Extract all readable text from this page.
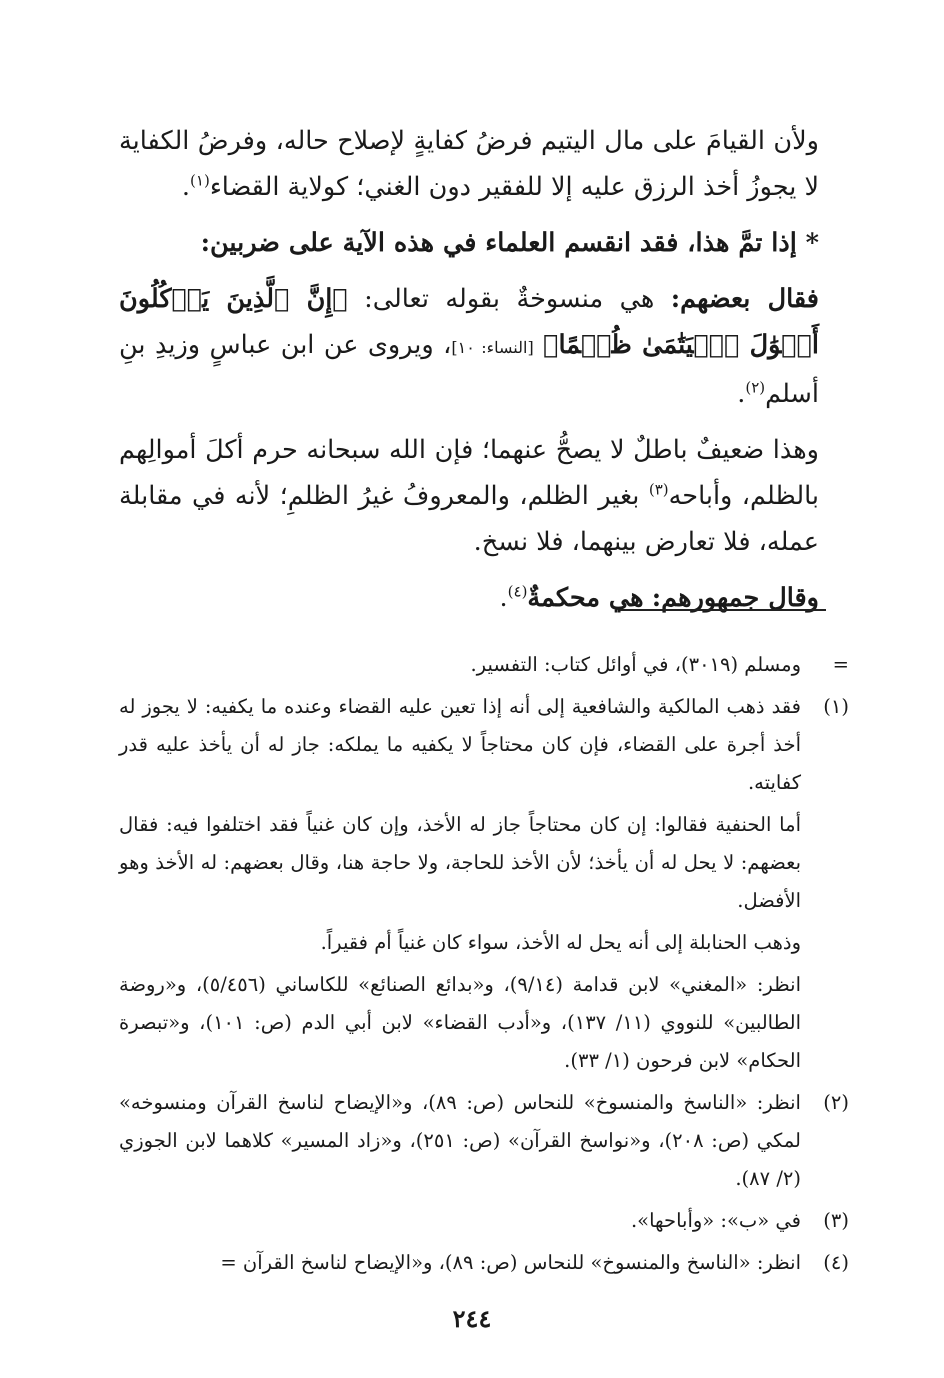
ولأن القيامَ على مال اليتيم فرضُ كفايةٍ لإصلاح حاله، وفرضُ الكفاية لا يجوزُ أخذ الرزق عليه إلا للفقير دون الغني؛ كولاية القضاء$^{(١)}$.

* إذا تمَّ هذا، فقد انقسم العلماء في هذه الآية على ضربين:

فقال بعضهم: هي منسوخةٌ بقوله تعالى: ﴿إِنَّ ٱلَّذِينَ يَأۡكُلُونَ أَمۡوَٰلَ ٱلۡيَتَٰمَىٰ ظُلۡمًا﴾ [النساء: ١٠]، ويروى عن ابن عباسٍ وزيدِ بنِ أسلم$^{(٢)}$.

وهذا ضعيفٌ باطلٌ لا يصحُّ عنهما؛ فإن الله سبحانه حرم أكلَ أموالِهم بالظلم، وأباحه$^{(٣)}$ بغير الظلم، والمعروفُ غيرُ الظلمِ؛ لأنه في مقابلة عمله، فلا تعارض بينهما، فلا نسخ.

وقال جمهورهم: هي محكمةٌ$^{(٤)}$.

=

ومسلم (٣٠١٩)، في أوائل كتاب: التفسير.

(١)

فقد ذهب المالكية والشافعية إلى أنه إذا تعين عليه القضاء وعنده ما يكفيه: لا يجوز له أخذ أجرة على القضاء، فإن كان محتاجاً لا يكفيه ما يملكه: جاز له أن يأخذ عليه قدر كفايته.

أما الحنفية فقالوا: إن كان محتاجاً جاز له الأخذ، وإن كان غنياً فقد اختلفوا فيه: فقال بعضهم: لا يحل له أن يأخذ؛ لأن الأخذ للحاجة، ولا حاجة هنا، وقال بعضهم: له الأخذ وهو الأفضل.

وذهب الحنابلة إلى أنه يحل له الأخذ، سواء كان غنياً أم فقيراً.

انظر: «المغني» لابن قدامة (٩/١٤)، و«بدائع الصنائع» للكاساني (٥/٤٥٦)، و«روضة الطالبين» للنووي (١١/ ١٣٧)، و«أدب القضاء» لابن أبي الدم (ص: ١٠١)، و«تبصرة الحكام» لابن فرحون (١/ ٣٣).

(٢)

انظر: «الناسخ والمنسوخ» للنحاس (ص: ٨٩)، و«الإيضاح لناسخ القرآن ومنسوخه» لمكي (ص: ٢٠٨)، و«نواسخ القرآن» (ص: ٢٥١)، و«زاد المسير» كلاهما لابن الجوزي (٢/ ٨٧).

(٣)

في «ب»: «وأباحها».

(٤)

انظر: «الناسخ والمنسوخ» للنحاس (ص: ٨٩)، و«الإيضاح لناسخ القرآن =

٢٤٤
